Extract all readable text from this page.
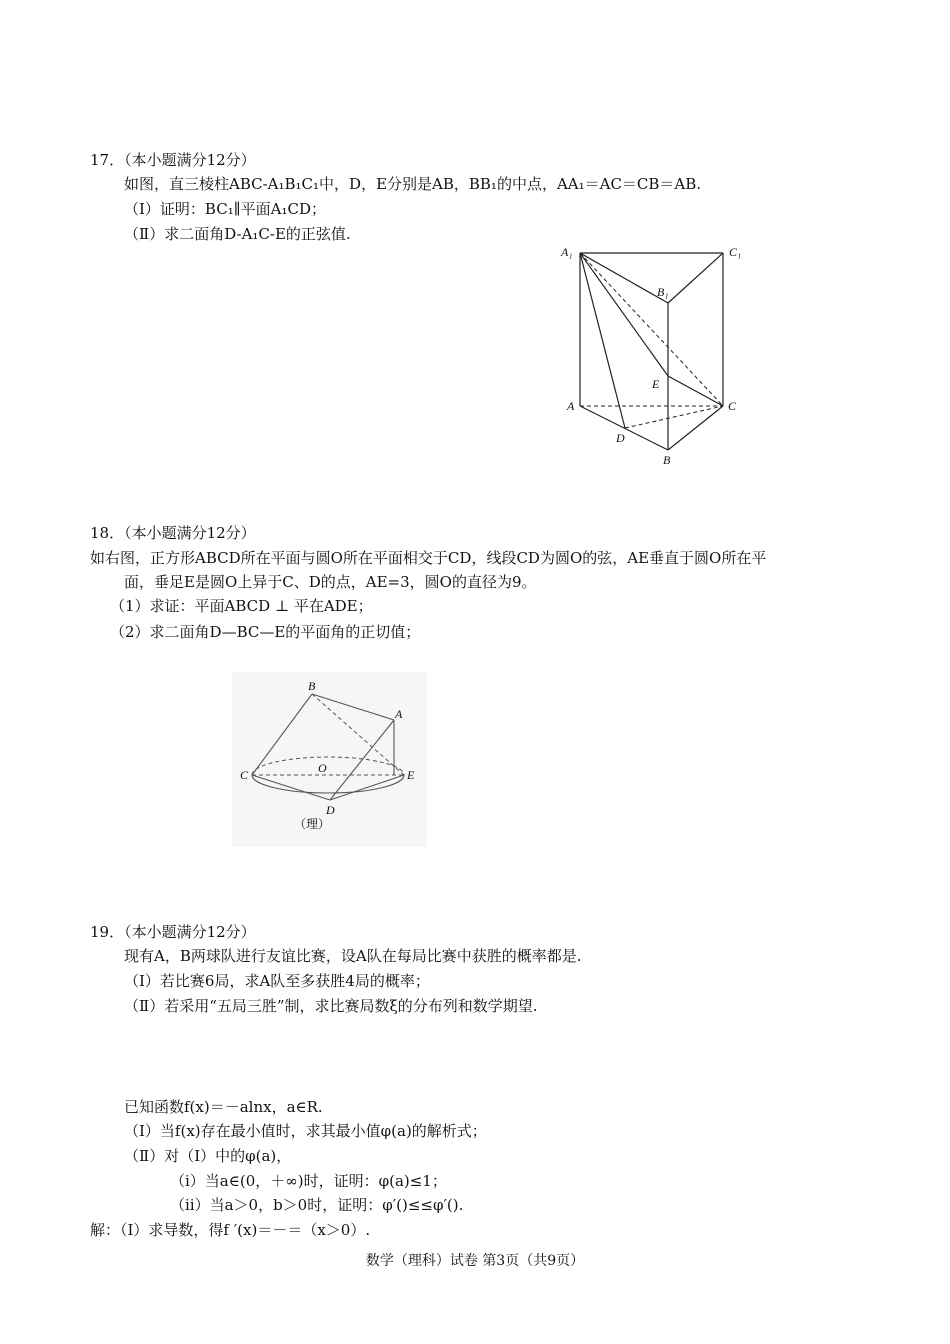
17．（本小题满分12分）
如图，直三棱柱ABC-A₁B₁C₁中，D，E分别是AB，BB₁的中点，AA₁＝AC＝CB＝AB.
（Ⅰ）证明：BC₁∥平面A₁CD；
（Ⅱ）求二面角D-A₁C-E的正弦值.
A₁	C₁
B₁
E
A	C
D
B
18．（本小题满分12分）
如右图，正方形ABCD所在平面与圆O所在平面相交于CD，线段CD为圆O的弦，AE垂直于圆O所在平
面，垂足E是圆O上异于C、D的点，AE=3，圆O的直径为9。
（1）求证：平面ABCD ⊥ 平在ADE；
（2）求二面角D—BC—E的平面角的正切值；
B
A
C	O	E
D
（理）
19．（本小题满分12分）
现有A，B两球队进行友谊比赛，设A队在每局比赛中获胜的概率都是.
（Ⅰ）若比赛6局，求A队至多获胜4局的概率；
（Ⅱ）若采用“五局三胜”制，求比赛局数ξ的分布列和数学期望.
已知函数f(x)＝－alnx，a∈R.
（Ⅰ）当f(x)存在最小值时，求其最小值φ(a)的解析式；
（Ⅱ）对（Ⅰ）中的φ(a)，
（ⅰ）当a∈(0，＋∞)时，证明：φ(a)≤1；
（ⅱ）当a＞0，b＞0时，证明：φ′()≤≤φ′().
解：（Ⅰ）求导数，得f ′(x)＝－＝（x＞0）.
数学（理科）试卷 第3页（共9页）
